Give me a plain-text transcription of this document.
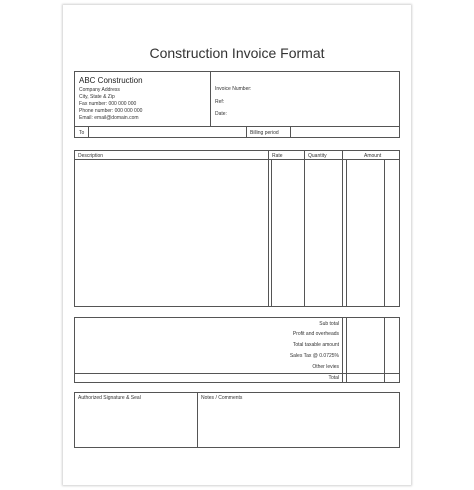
Construction Invoice Format
ABC Construction
Company Address
City, State & Zip
Fax number: 000 000 000
Phone number: 000 000 000
Email: email@domain.com
Invoice Number:
Ref:
Date:
To	Billing period
Description	Rate	Quantity	Amount
Sub total
Profit and overheads
Total taxable amount
Sales Tax @ 0.0725%
Other levies
Total
Authorized Signature & Seal	Notes / Comments
